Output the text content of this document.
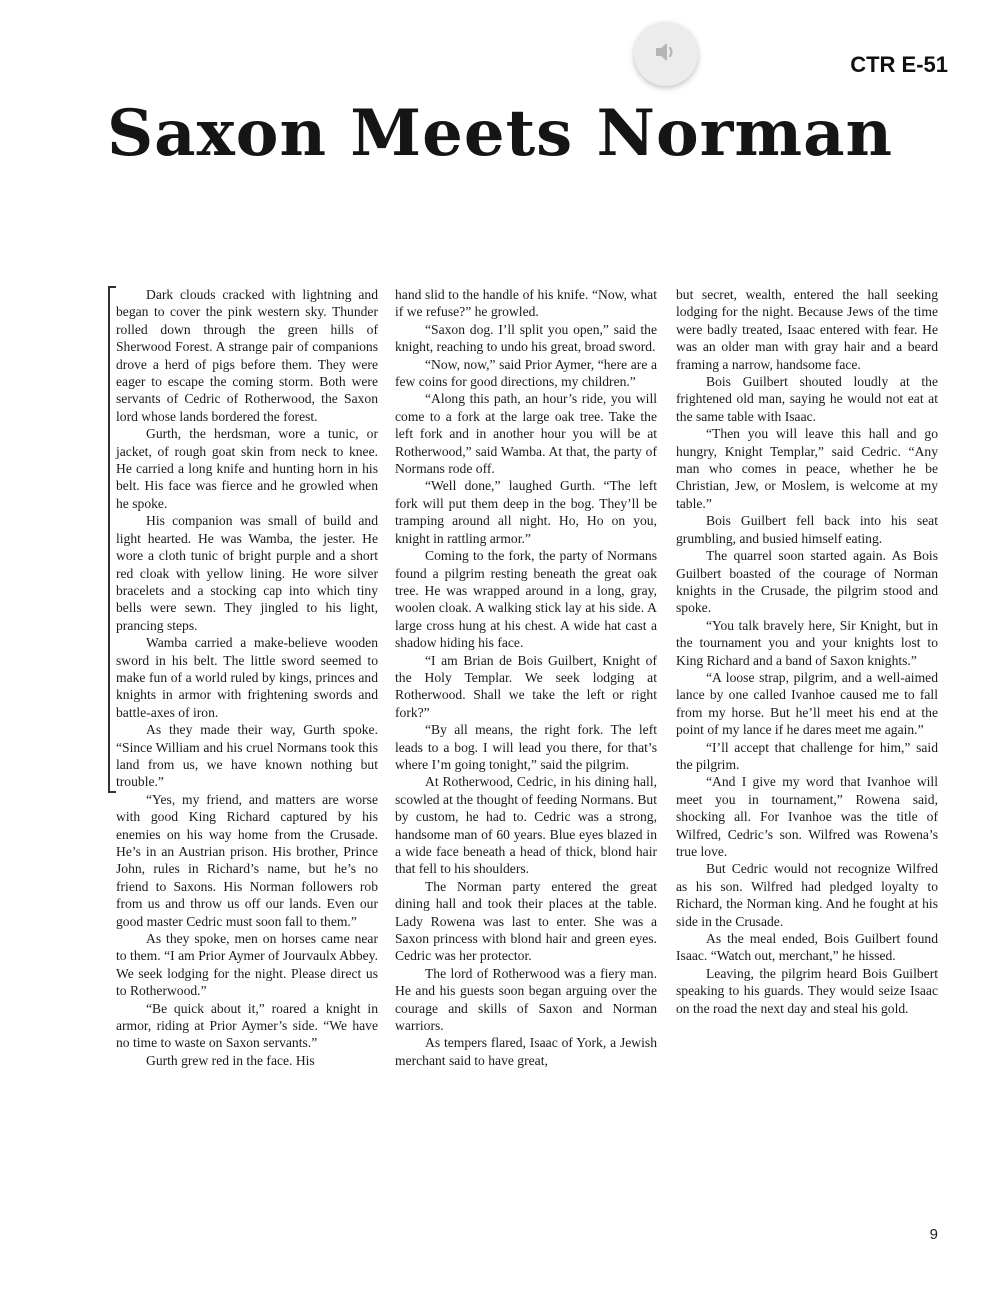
CTR E-51
Saxon Meets Norman

Dark clouds cracked with lightning and began to cover the pink western sky. Thunder rolled down through the green hills of Sherwood Forest. A strange pair of companions drove a herd of pigs before them. They were eager to escape the coming storm. Both were servants of Cedric of Rotherwood, the Saxon lord whose lands bordered the forest.

Gurth, the herdsman, wore a tunic, or jacket, of rough goat skin from neck to knee. He carried a long knife and hunting horn in his belt. His face was fierce and he growled when he spoke.

His companion was small of build and light hearted. He was Wamba, the jester. He wore a cloth tunic of bright purple and a short red cloak with yellow lining. He wore silver bracelets and a stocking cap into which tiny bells were sewn. They jingled to his light, prancing steps.

Wamba carried a make-believe wooden sword in his belt. The little sword seemed to make fun of a world ruled by kings, princes and knights in armor with frightening swords and battle-axes of iron.

As they made their way, Gurth spoke. “Since William and his cruel Normans took this land from us, we have known nothing but trouble.”

“Yes, my friend, and matters are worse with good King Richard captured by his enemies on his way home from the Crusade. He’s in an Austrian prison. His brother, Prince John, rules in Richard’s name, but he’s no friend to Saxons. His Norman followers rob from us and throw us off our lands. Even our good master Cedric must soon fall to them.”

As they spoke, men on horses came near to them. “I am Prior Aymer of Jourvaulx Abbey. We seek lodging for the night. Please direct us to Rotherwood.”

“Be quick about it,” roared a knight in armor, riding at Prior Aymer’s side. “We have no time to waste on Saxon servants.”

Gurth grew red in the face. His

hand slid to the handle of his knife. “Now, what if we refuse?” he growled.

“Saxon dog. I’ll split you open,” said the knight, reaching to undo his great, broad sword.

“Now, now,” said Prior Aymer, “here are a few coins for good directions, my children.”

“Along this path, an hour’s ride, you will come to a fork at the large oak tree. Take the left fork and in another hour you will be at Rotherwood,” said Wamba. At that, the party of Normans rode off.

“Well done,” laughed Gurth. “The left fork will put them deep in the bog. They’ll be tramping around all night. Ho, Ho on you, knight in rattling armor.”

Coming to the fork, the party of Normans found a pilgrim resting beneath the great oak tree. He was wrapped around in a long, gray, woolen cloak. A walking stick lay at his side. A large cross hung at his chest. A wide hat cast a shadow hiding his face.

“I am Brian de Bois Guilbert, Knight of the Holy Templar. We seek lodging at Rotherwood. Shall we take the left or right fork?”

“By all means, the right fork. The left leads to a bog. I will lead you there, for that’s where I’m going tonight,” said the pilgrim.

At Rotherwood, Cedric, in his dining hall, scowled at the thought of feeding Normans. But by custom, he had to. Cedric was a strong, handsome man of 60 years. Blue eyes blazed in a wide face beneath a head of thick, blond hair that fell to his shoulders.

The Norman party entered the great dining hall and took their places at the table. Lady Rowena was last to enter. She was a Saxon princess with blond hair and green eyes. Cedric was her protector.

The lord of Rotherwood was a fiery man. He and his guests soon began arguing over the courage and skills of Saxon and Norman warriors.

As tempers flared, Isaac of York, a Jewish merchant said to have great,

but secret, wealth, entered the hall seeking lodging for the night. Because Jews of the time were badly treated, Isaac entered with fear. He was an older man with gray hair and a beard framing a narrow, handsome face.

Bois Guilbert shouted loudly at the frightened old man, saying he would not eat at the same table with Isaac.

“Then you will leave this hall and go hungry, Knight Templar,” said Cedric. “Any man who comes in peace, whether he be Christian, Jew, or Moslem, is welcome at my table.”

Bois Guilbert fell back into his seat grumbling, and busied himself eating.

The quarrel soon started again. As Bois Guilbert boasted of the courage of Norman knights in the Crusade, the pilgrim stood and spoke.

“You talk bravely here, Sir Knight, but in the tournament you and your knights lost to King Richard and a band of Saxon knights.”

“A loose strap, pilgrim, and a well-aimed lance by one called Ivanhoe caused me to fall from my horse. But he’ll meet his end at the point of my lance if he dares meet me again.”

“I’ll accept that challenge for him,” said the pilgrim.

“And I give my word that Ivanhoe will meet you in tournament,” Rowena said, shocking all. For Ivanhoe was the title of Wilfred, Cedric’s son. Wilfred was Rowena’s true love.

But Cedric would not recognize Wilfred as his son. Wilfred had pledged loyalty to Richard, the Norman king. And he fought at his side in the Crusade.

As the meal ended, Bois Guilbert found Isaac. “Watch out, merchant,” he hissed.

Leaving, the pilgrim heard Bois Guilbert speaking to his guards. They would seize Isaac on the road the next day and steal his gold.

9
